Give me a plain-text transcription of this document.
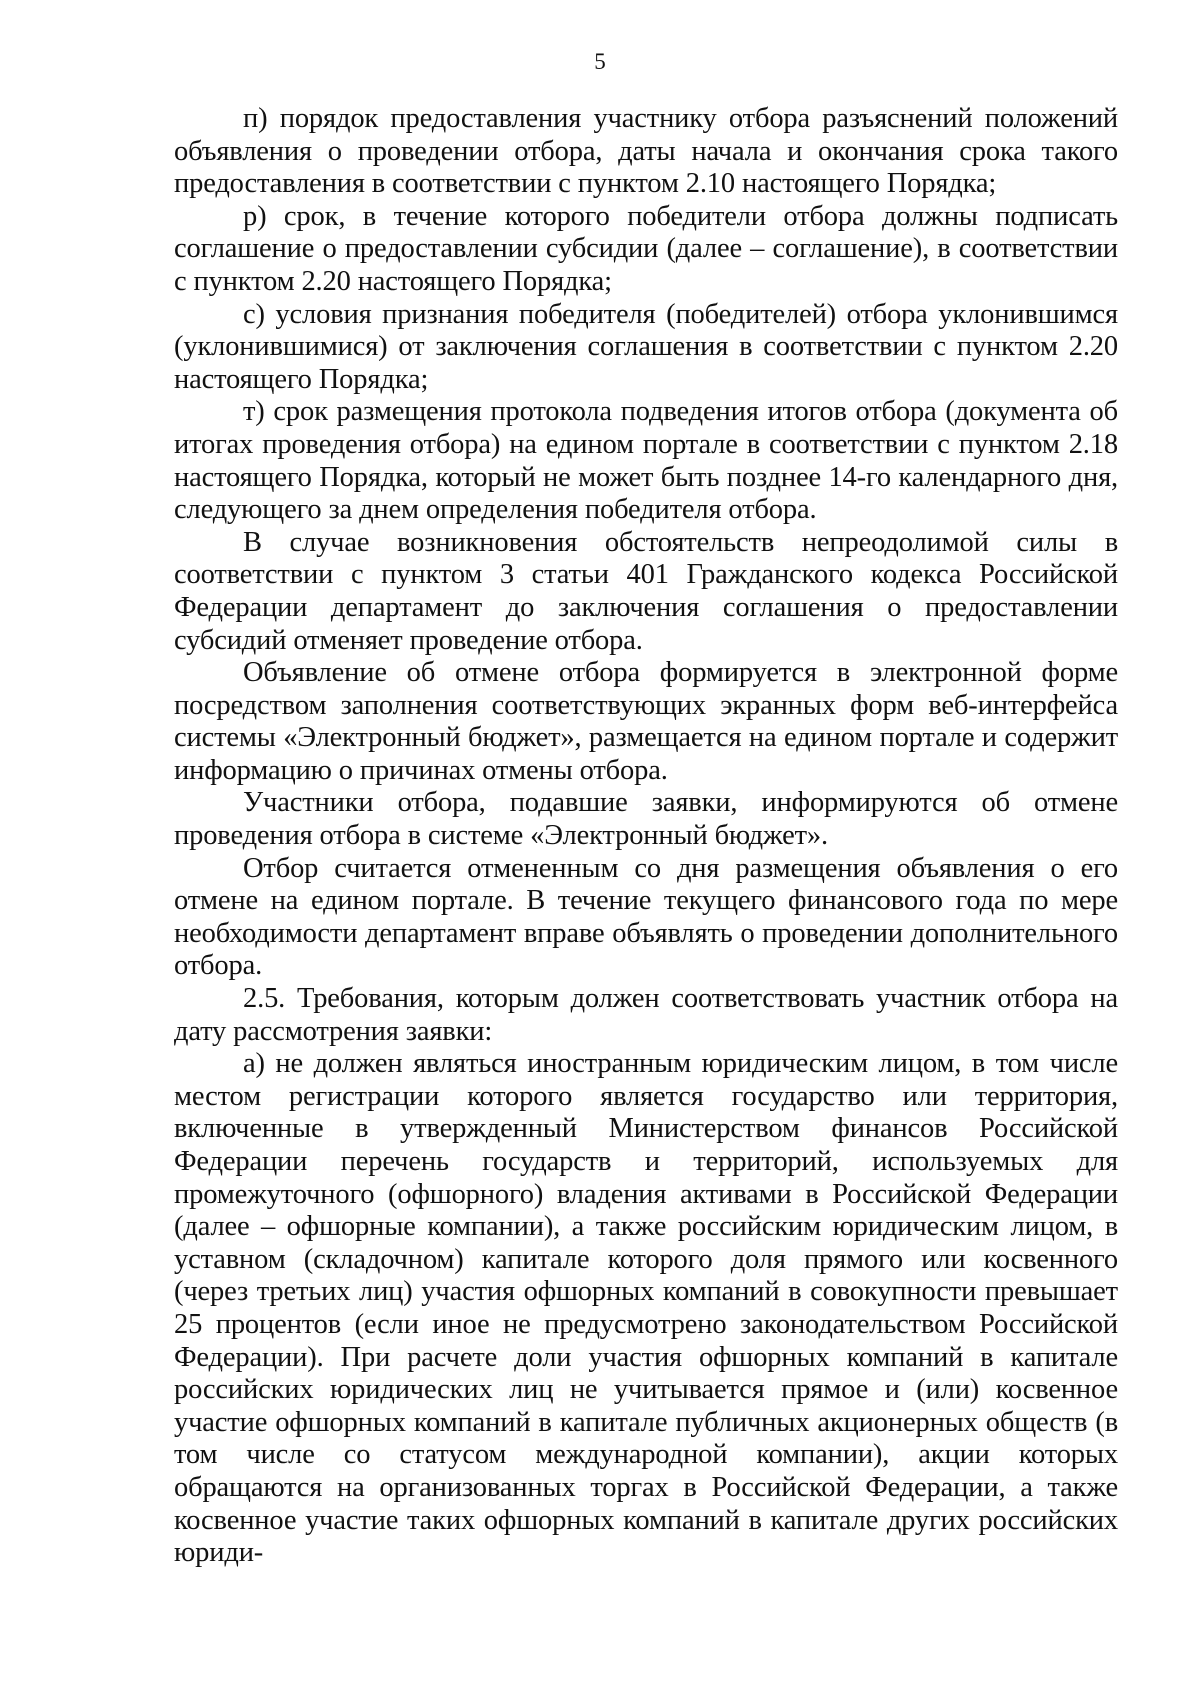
5

п) порядок предоставления участнику отбора разъяснений положений объявления о проведении отбора, даты начала и окончания срока такого предоставления в соответствии с пунктом 2.10 настоящего Порядка;

р) срок, в течение которого победители отбора должны подписать соглашение о предоставлении субсидии (далее – соглашение), в соответствии с пунктом 2.20 настоящего Порядка;

с) условия признания победителя (победителей) отбора уклонившимся (уклонившимися) от заключения соглашения в соответствии с пунктом 2.20 настоящего Порядка;

т) срок размещения протокола подведения итогов отбора (документа об итогах проведения отбора) на едином портале в соответствии с пунктом 2.18 настоящего Порядка, который не может быть позднее 14-го календарного дня, следующего за днем определения победителя отбора.

В случае возникновения обстоятельств непреодолимой силы в соответствии с пунктом 3 статьи 401 Гражданского кодекса Российской Федерации департамент до заключения соглашения о предоставлении субсидий отменяет проведение отбора.

Объявление об отмене отбора формируется в электронной форме посредством заполнения соответствующих экранных форм веб-интерфейса системы «Электронный бюджет», размещается на едином портале и содержит информацию о причинах отмены отбора.

Участники отбора, подавшие заявки, информируются об отмене проведения отбора в системе «Электронный бюджет».

Отбор считается отмененным со дня размещения объявления о его отмене на едином портале. В течение текущего финансового года по мере необходимости департамент вправе объявлять о проведении дополнительного отбора.

2.5. Требования, которым должен соответствовать участник отбора на дату рассмотрения заявки:

а) не должен являться иностранным юридическим лицом, в том числе местом регистрации которого является государство или территория, включенные в утвержденный Министерством финансов Российской Федерации перечень государств и территорий, используемых для промежуточного (офшорного) владения активами в Российской Федерации (далее – офшорные компании), а также российским юридическим лицом, в уставном (складочном) капитале которого доля прямого или косвенного (через третьих лиц) участия офшорных компаний в совокупности превышает 25 процентов (если иное не предусмотрено законодательством Российской Федерации). При расчете доли участия офшорных компаний в капитале российских юридических лиц не учитывается прямое и (или) косвенное участие офшорных компаний в капитале публичных акционерных обществ (в том числе со статусом международной компании), акции которых обращаются на организованных торгах в Российской Федерации, а также косвенное участие таких офшорных компаний в капитале других российских юриди-
